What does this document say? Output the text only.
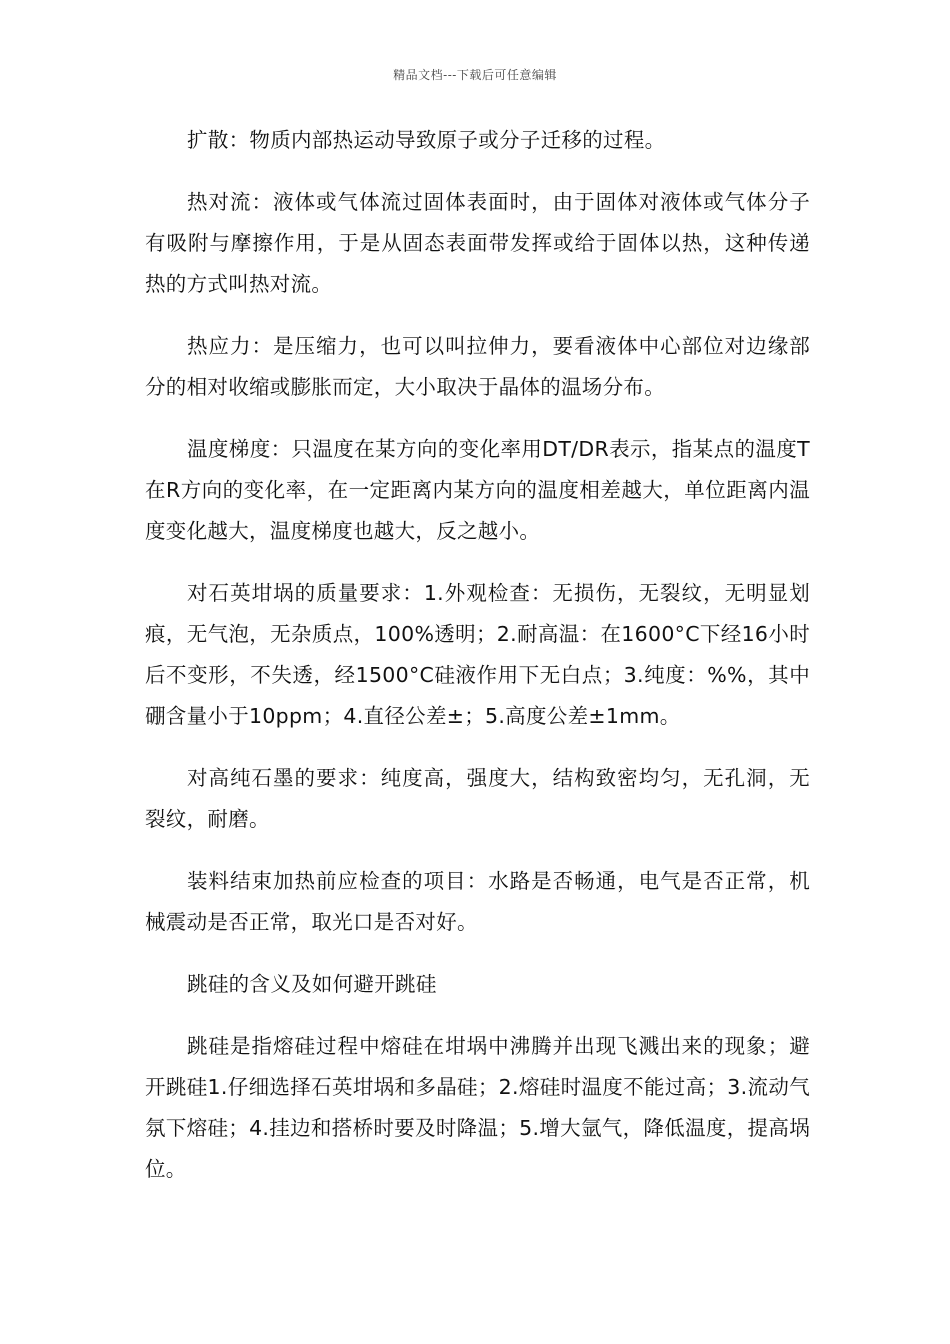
精品文档---下载后可任意编辑

扩散：物质内部热运动导致原子或分子迁移的过程。

热对流：液体或气体流过固体表面时，由于固体对液体或气体分子有吸附与摩擦作用，于是从固态表面带发挥或给于固体以热，这种传递热的方式叫热对流。

热应力：是压缩力，也可以叫拉伸力，要看液体中心部位对边缘部分的相对收缩或膨胀而定，大小取决于晶体的温场分布。

温度梯度：只温度在某方向的变化率用DT/DR表示，指某点的温度T在R方向的变化率，在一定距离内某方向的温度相差越大，单位距离内温度变化越大，温度梯度也越大，反之越小。

对石英坩埚的质量要求：1.外观检查：无损伤，无裂纹，无明显划痕，无气泡，无杂质点，100%透明；2.耐高温：在1600°C下经16小时后不变形，不失透，经1500°C硅液作用下无白点；3.纯度：%%，其中硼含量小于10ppm；4.直径公差±；5.高度公差±1mm。

对高纯石墨的要求：纯度高，强度大，结构致密均匀，无孔洞，无裂纹，耐磨。

装料结束加热前应检查的项目：水路是否畅通，电气是否正常，机械震动是否正常，取光口是否对好。

跳硅的含义及如何避开跳硅

跳硅是指熔硅过程中熔硅在坩埚中沸腾并出现飞溅出来的现象；避开跳硅1.仔细选择石英坩埚和多晶硅；2.熔硅时温度不能过高；3.流动气氛下熔硅；4.挂边和搭桥时要及时降温；5.增大氩气，降低温度，提高埚位。
